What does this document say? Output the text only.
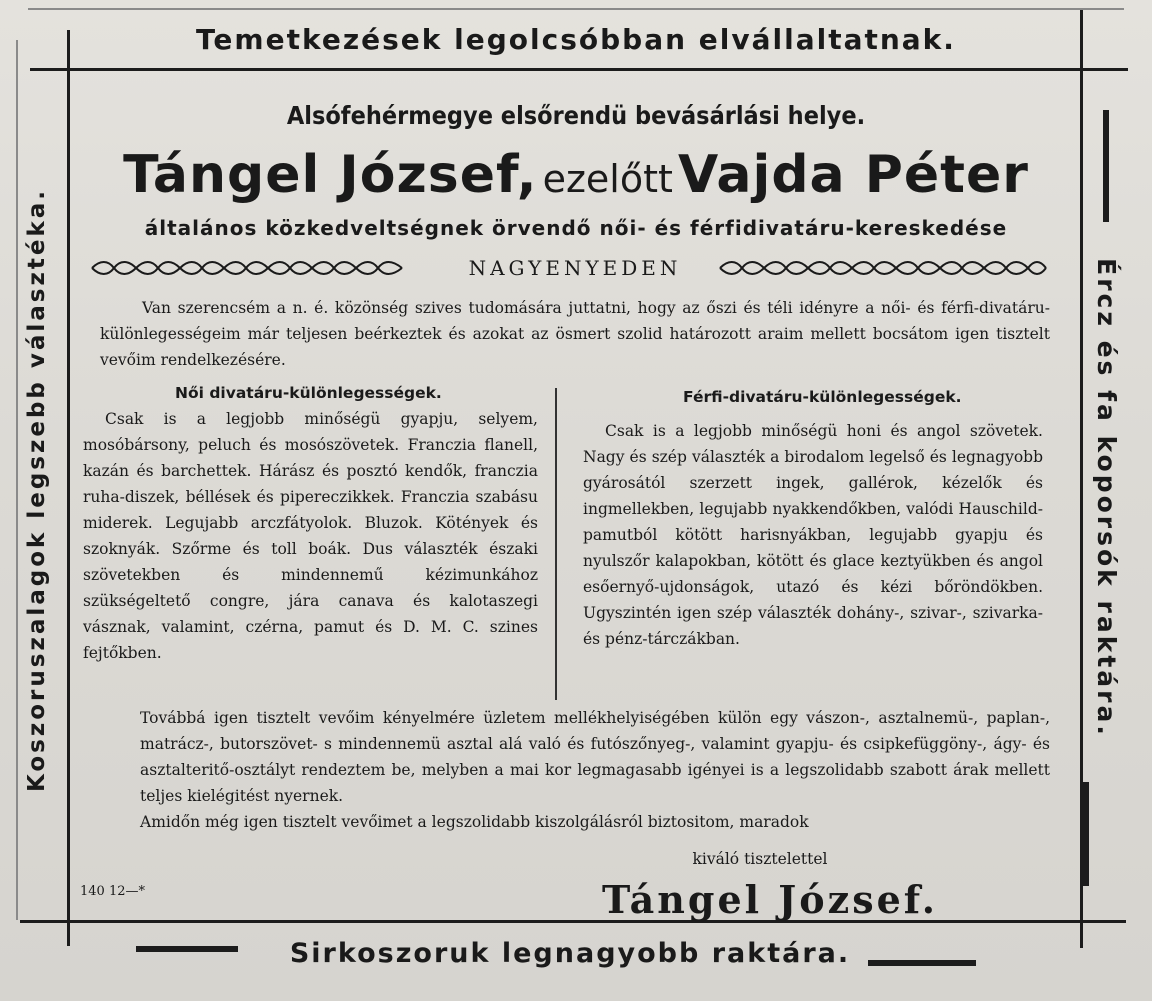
Temetkezések legolcsóbban elvállaltatnak.
Sirkoszoruk legnagyobb raktára.
Koszoruszalagok legszebb választéka.	Ércz és fa koporsók raktára.
Alsófehérmegye elsőrendü bevásárlási helye.
Tángel József, ezelőtt Vajda Péter
általános közkedveltségnek örvendő női- és férfidivatáru-kereskedése
NAGYENYEDEN
Van szerencsém a n. é. közönség szives tudomására juttatni, hogy az őszi és téli idényre a női- és férfi-divatáru-különlegességeim már teljesen beérkeztek és azokat az ösmert szolid határozott araim mellett bocsátom igen tisztelt vevőim rendelkezésére.
Női divatáru-különlegességek.
Csak is a legjobb minőségü gyapju, selyem, mosóbársony, peluch és mosószövetek. Franczia flanell, kazán és barchettek. Hárász és posztó kendők, franczia ruha-diszek, béllések és pipereczikkek. Franczia szabásu miderek. Legujabb arczfátyolok. Bluzok. Kötények és szoknyák. Szőrme és toll boák. Dus választék északi szövetekben és mindennemű kézimunkához szükségeltető congre, jára canava és kalotaszegi vásznak, valamint, czérna, pamut és D. M. C. szines fejtőkben.
Férfi-divatáru-különlegességek.
Csak is a legjobb minőségü honi és angol szövetek. Nagy és szép választék a birodalom legelső és legnagyobb gyárosától szerzett ingek, gallérok, kézelők és ingmellekben, legujabb nyakkendőkben, valódi Hauschild-pamutból kötött harisnyákban, legujabb gyapju és nyulszőr kalapokban, kötött és glace keztyükben és angol esőernyő-ujdonságok, utazó és kézi bőröndökben. Ugyszintén igen szép választék dohány-, szivar-, szivarka- és pénz-tárczákban.

Továbbá igen tisztelt vevőim kényelmére üzletem mellékhelyiségében külön egy vászon-, asztalnemü-, paplan-, matrácz-, butorszövet- s mindennemü asztal alá való és futószőnyeg-, valamint gyapju- és csipkefüggöny-, ágy- és asztalteritő-osztályt rendeztem be, melyben a mai kor legmagasabb igényei is a legszolidabb szabott árak mellett teljes kielégitést nyernek.

Amidőn még igen tisztelt vevőimet a legszolidabb kiszolgálásról biztositom, maradok

kiváló tisztelettel
140 12—*	Tángel József.
